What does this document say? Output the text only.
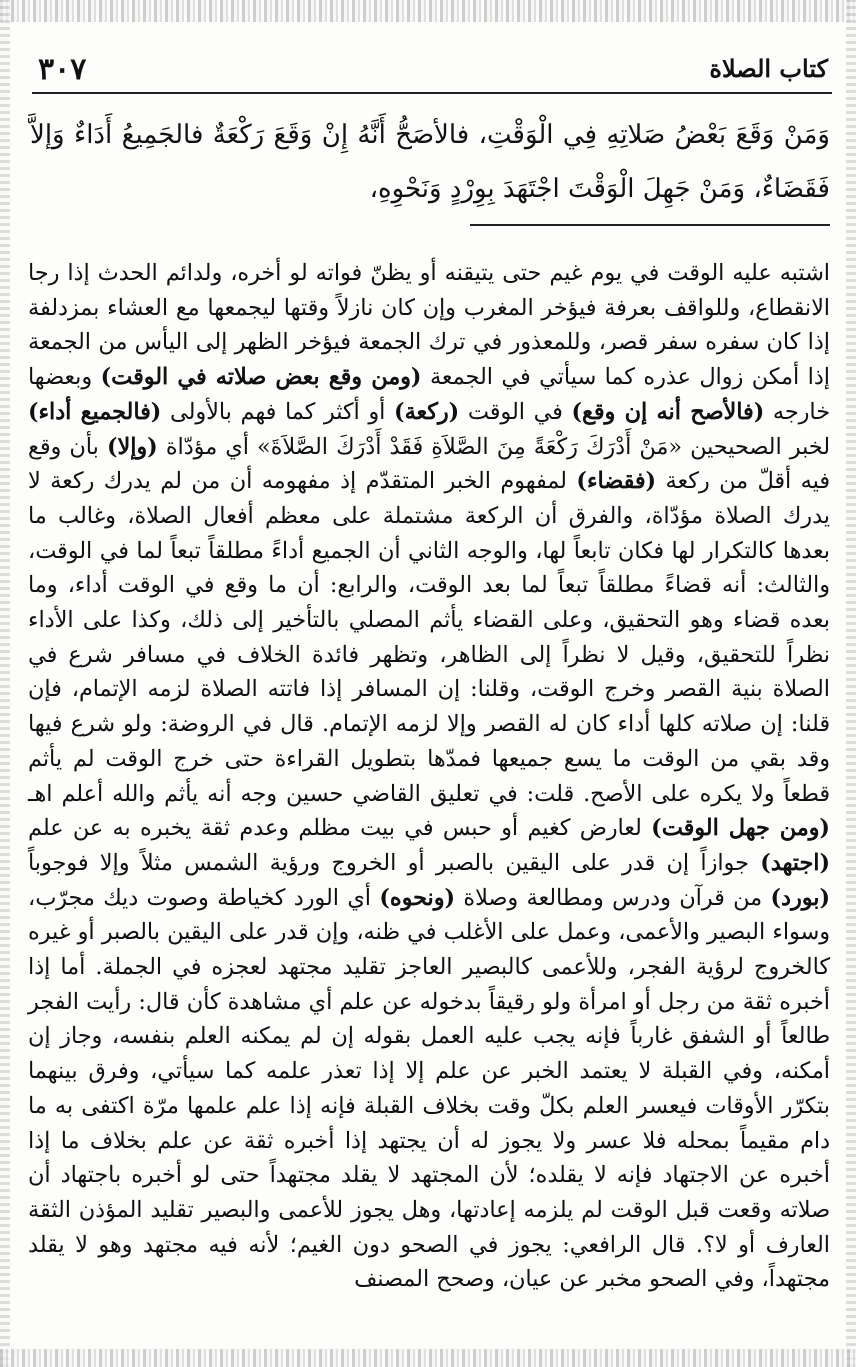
كتاب الصلاة
٣٠٧
وَمَنْ وَقَعَ بَعْضُ صَلاتِهِ فِي الْوَقْتِ، فالأصَحُّ أَنَّهُ إِنْ وَقَعَ رَكْعَةٌ فالجَمِيعُ أَدَاءٌ وَإلاَّ فَقَضَاءٌ، وَمَنْ جَهِلَ الْوَقْتَ اجْتَهَدَ بِوِرْدٍ وَنَحْوِهِ،

اشتبه عليه الوقت في يوم غيم حتى يتيقنه أو يظنّ فواته لو أخره، ولدائم الحدث إذا رجا الانقطاع، وللواقف بعرفة فيؤخر المغرب وإن كان نازلاً وقتها ليجمعها مع العشاء بمزدلفة إذا كان سفره سفر قصر، وللمعذور في ترك الجمعة فيؤخر الظهر إلى اليأس من الجمعة إذا أمكن زوال عذره كما سيأتي في الجمعة (ومن وقع بعض صلاته في الوقت) وبعضها خارجه (فالأصح أنه إن وقع) في الوقت (ركعة) أو أكثر كما فهم بالأولى (فالجميع أداء) لخبر الصحيحين «مَنْ أَدْرَكَ رَكْعَةً مِنَ الصَّلاَةِ فَقَدْ أَدْرَكَ الصَّلاَةَ» أي مؤدّاة (وإلا) بأن وقع فيه أقلّ من ركعة (فقضاء) لمفهوم الخبر المتقدّم إذ مفهومه أن من لم يدرك ركعة لا يدرك الصلاة مؤدّاة، والفرق أن الركعة مشتملة على معظم أفعال الصلاة، وغالب ما بعدها كالتكرار لها فكان تابعاً لها، والوجه الثاني أن الجميع أداءً مطلقاً تبعاً لما في الوقت، والثالث: أنه قضاءً مطلقاً تبعاً لما بعد الوقت، والرابع: أن ما وقع في الوقت أداء، وما بعده قضاء وهو التحقيق، وعلى القضاء يأثم المصلي بالتأخير إلى ذلك، وكذا على الأداء نظراً للتحقيق، وقيل لا نظراً إلى الظاهر، وتظهر فائدة الخلاف في مسافر شرع في الصلاة بنية القصر وخرج الوقت، وقلنا: إن المسافر إذا فاتته الصلاة لزمه الإتمام، فإن قلنا: إن صلاته كلها أداء كان له القصر وإلا لزمه الإتمام. قال في الروضة: ولو شرع فيها وقد بقي من الوقت ما يسع جميعها فمدّها بتطويل القراءة حتى خرج الوقت لم يأثم قطعاً ولا يكره على الأصح. قلت: في تعليق القاضي حسين وجه أنه يأثم والله أعلم اهـ (ومن جهل الوقت) لعارض كغيم أو حبس في بيت مظلم وعدم ثقة يخبره به عن علم (اجتهد) جوازاً إن قدر على اليقين بالصبر أو الخروج ورؤية الشمس مثلاً وإلا فوجوباً (بورد) من قرآن ودرس ومطالعة وصلاة (ونحوه) أي الورد كخياطة وصوت ديك مجرّب، وسواء البصير والأعمى، وعمل على الأغلب في ظنه، وإن قدر على اليقين بالصبر أو غيره كالخروج لرؤية الفجر، وللأعمى كالبصير العاجز تقليد مجتهد لعجزه في الجملة. أما إذا أخبره ثقة من رجل أو امرأة ولو رقيقاً بدخوله عن علم أي مشاهدة كأن قال: رأيت الفجر طالعاً أو الشفق غارباً فإنه يجب عليه العمل بقوله إن لم يمكنه العلم بنفسه، وجاز إن أمكنه، وفي القبلة لا يعتمد الخبر عن علم إلا إذا تعذر علمه كما سيأتي، وفرق بينهما بتكرّر الأوقات فيعسر العلم بكلّ وقت بخلاف القبلة فإنه إذا علم علمها مرّة اكتفى به ما دام مقيماً بمحله فلا عسر ولا يجوز له أن يجتهد إذا أخبره ثقة عن علم بخلاف ما إذا أخبره عن الاجتهاد فإنه لا يقلده؛ لأن المجتهد لا يقلد مجتهداً حتى لو أخبره باجتهاد أن صلاته وقعت قبل الوقت لم يلزمه إعادتها، وهل يجوز للأعمى والبصير تقليد المؤذن الثقة العارف أو لا؟. قال الرافعي: يجوز في الصحو دون الغيم؛ لأنه فيه مجتهد وهو لا يقلد مجتهداً، وفي الصحو مخبر عن عيان، وصحح المصنف
